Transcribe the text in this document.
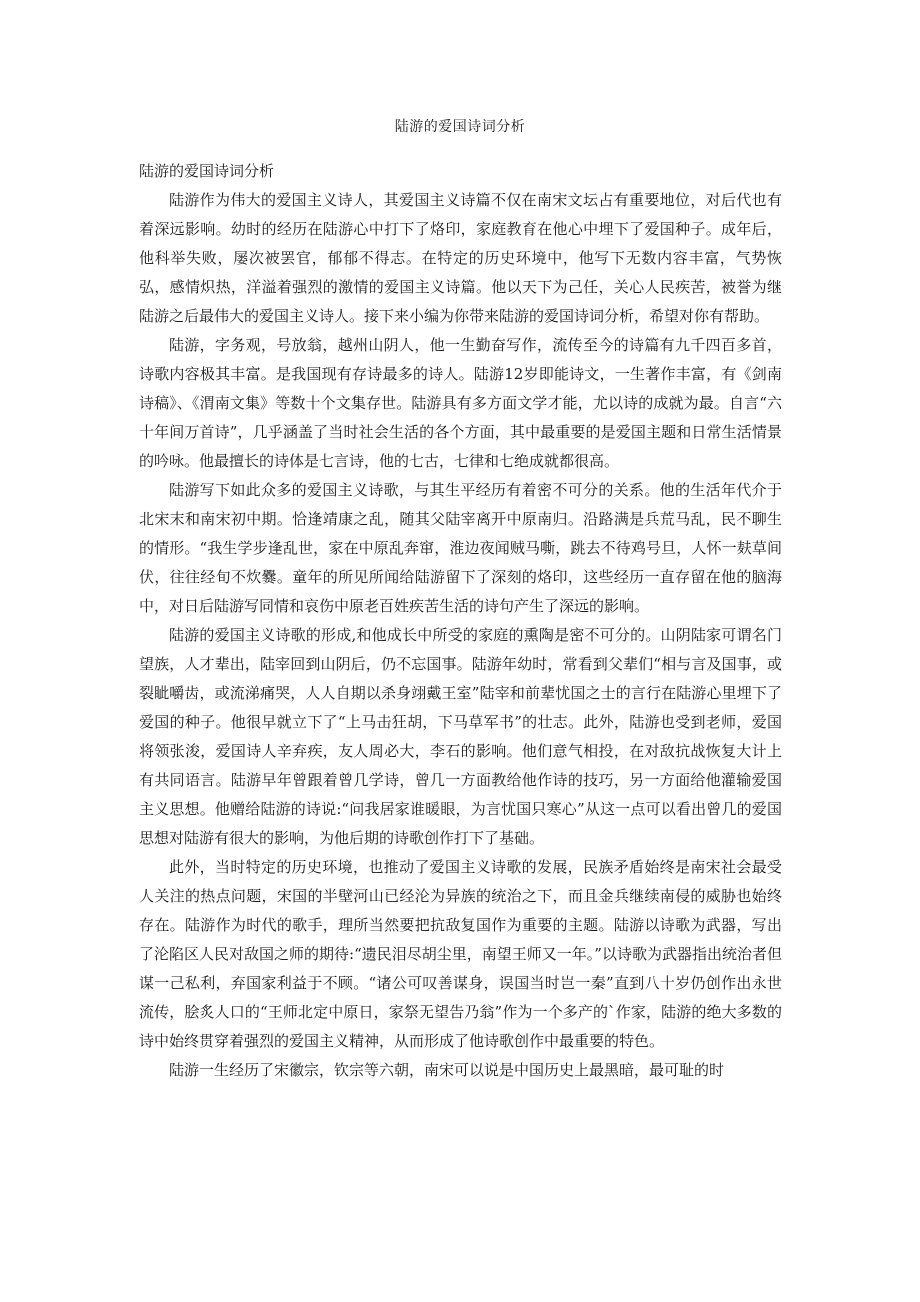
陆游的爱国诗词分析

陆游的爱国诗词分析

陆游作为伟大的爱国主义诗人，其爱国主义诗篇不仅在南宋文坛占有重要地位，对后代也有着深远影响。幼时的经历在陆游心中打下了烙印，家庭教育在他心中埋下了爱国种子。成年后，他科举失败，屡次被罢官，郁郁不得志。在特定的历史环境中，他写下无数内容丰富，气势恢弘，感情炽热，洋溢着强烈的激情的爱国主义诗篇。他以天下为己任，关心人民疾苦，被誉为继陆游之后最伟大的爱国主义诗人。接下来小编为你带来陆游的爱国诗词分析，希望对你有帮助。

陆游，字务观，号放翁，越州山阴人，他一生勤奋写作，流传至今的诗篇有九千四百多首，诗歌内容极其丰富。是我国现有存诗最多的诗人。陆游12岁即能诗文，一生著作丰富，有《剑南诗稿》、《渭南文集》等数十个文集存世。陆游具有多方面文学才能，尤以诗的成就为最。自言“六十年间万首诗”，几乎涵盖了当时社会生活的各个方面，其中最重要的是爱国主题和日常生活情景的吟咏。他最擅长的诗体是七言诗，他的七古，七律和七绝成就都很高。

陆游写下如此众多的爱国主义诗歌，与其生平经历有着密不可分的关系。他的生活年代介于北宋末和南宋初中期。恰逢靖康之乱，随其父陆宰离开中原南归。沿路满是兵荒马乱，民不聊生的情形。“我生学步逢乱世，家在中原乱奔窜，淮边夜闻贼马嘶，跳去不待鸡号旦，人怀一麸草间伏，往往经旬不炊爨。童年的所见所闻给陆游留下了深刻的烙印，这些经历一直存留在他的脑海中，对日后陆游写同情和哀伤中原老百姓疾苦生活的诗句产生了深远的影响。

陆游的爱国主义诗歌的形成,和他成长中所受的家庭的熏陶是密不可分的。山阴陆家可谓名门望族，人才辈出，陆宰回到山阴后，仍不忘国事。陆游年幼时，常看到父辈们“相与言及国事，或裂眦嚼齿，或流涕痛哭，人人自期以杀身翊戴王室”陆宰和前辈忧国之士的言行在陆游心里埋下了爱国的种子。他很早就立下了“上马击狂胡，下马草军书”的壮志。此外，陆游也受到老师，爱国将领张浚，爱国诗人辛弃疾，友人周必大，李石的影响。他们意气相投，在对敌抗战恢复大计上有共同语言。陆游早年曾跟着曾几学诗，曾几一方面教给他作诗的技巧，另一方面给他灌输爱国主义思想。他赠给陆游的诗说:“问我居家谁暖眼，为言忧国只寒心”从这一点可以看出曾几的爱国思想对陆游有很大的影响，为他后期的诗歌创作打下了基础。

此外，当时特定的历史环境，也推动了爱国主义诗歌的发展，民族矛盾始终是南宋社会最受人关注的热点问题，宋国的半壁河山已经沦为异族的统治之下，而且金兵继续南侵的威胁也始终存在。陆游作为时代的歌手，理所当然要把抗敌复国作为重要的主题。陆游以诗歌为武器，写出了沦陷区人民对敌国之师的期待:“遗民泪尽胡尘里，南望王师又一年。”以诗歌为武器指出统治者但谋一己私利，弃国家利益于不顾。“诸公可叹善谋身，误国当时岂一秦”直到八十岁仍创作出永世流传，脍炙人口的“王师北定中原日，家祭无望告乃翁”作为一个多产的`作家，陆游的绝大多数的诗中始终贯穿着强烈的爱国主义精神，从而形成了他诗歌创作中最重要的特色。

陆游一生经历了宋徽宗，钦宗等六朝，南宋可以说是中国历史上最黑暗，最可耻的时
